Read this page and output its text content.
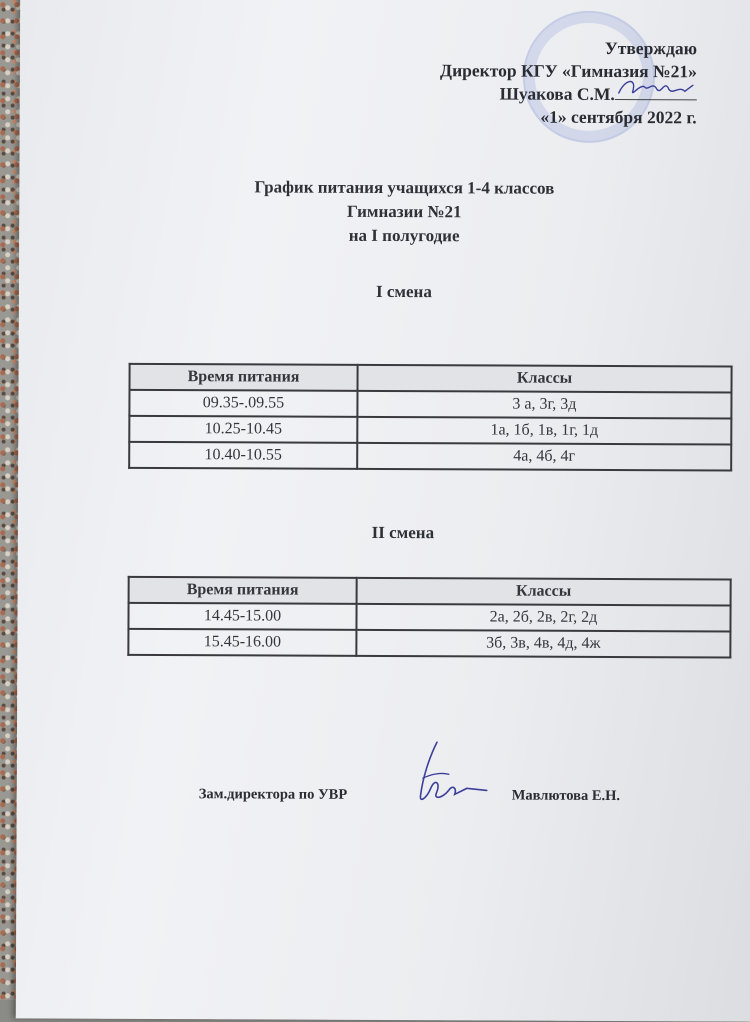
Утверждаю
Директор КГУ «Гимназия №21»
Шуакова С.М.
«1» сентября 2022 г.
График питания учащихся 1-4 классов
Гимназии №21
на I полугодие
I смена
Время питания	Классы
09.35-.09.55	3 а, 3г, 3д
10.25-10.45	1а, 1б, 1в, 1г, 1д
10.40-10.55	4а, 4б, 4г
II смена
Время питания	Классы
14.45-15.00	2а, 2б, 2в, 2г, 2д
15.45-16.00	3б, 3в, 4в, 4д, 4ж
Зам.директора по УВР	Мавлютова Е.Н.
